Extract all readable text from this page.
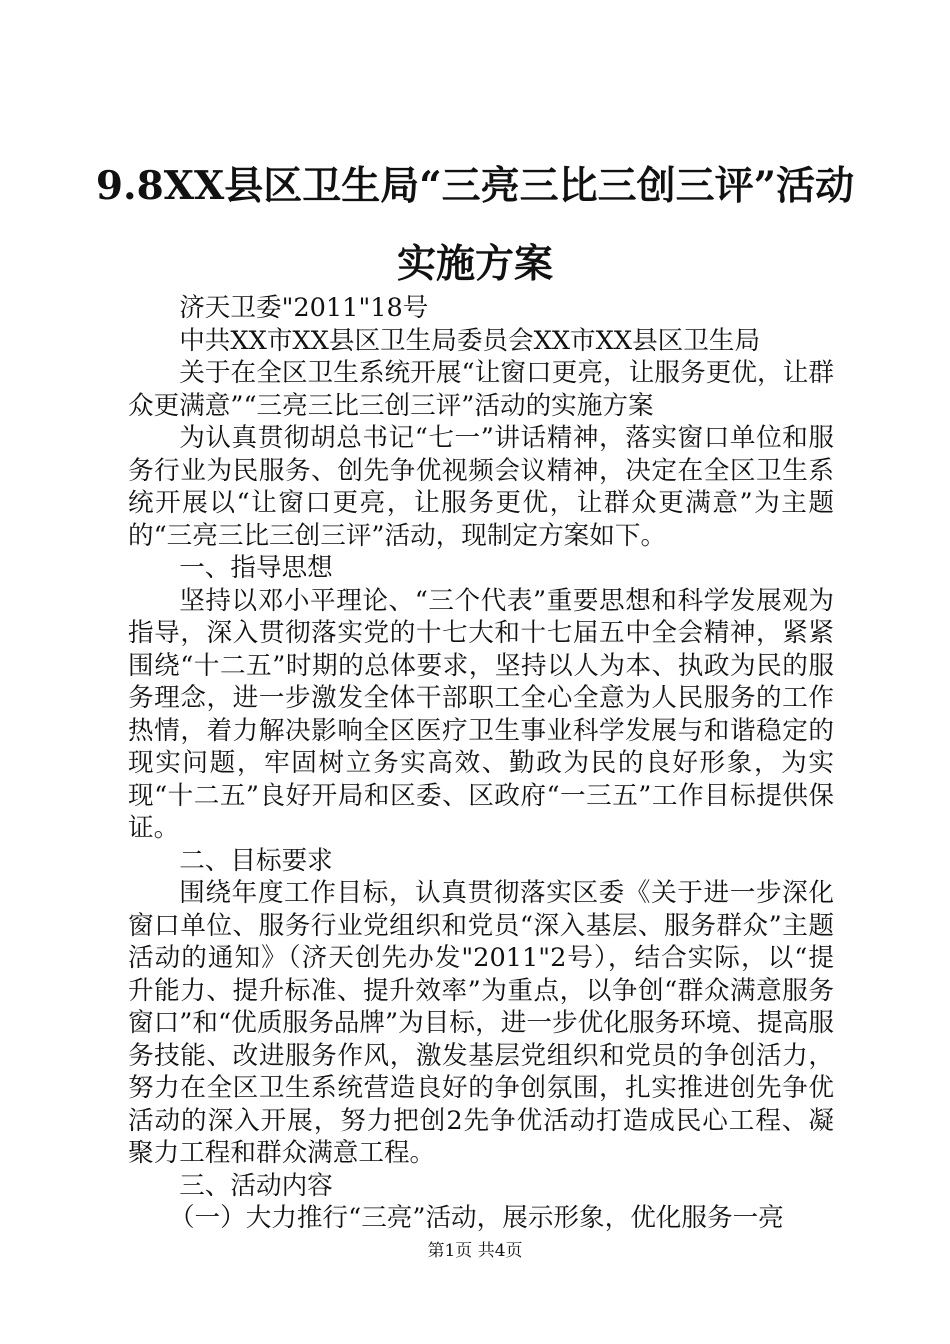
9.8XX县区卫生局“三亮三比三创三评”活动
实施方案

济天卫委"2011"18号

中共XX市XX县区卫生局委员会XX市XX县区卫生局

关于在全区卫生系统开展“让窗口更亮，让服务更优，让群众更满意”“三亮三比三创三评”活动的实施方案

为认真贯彻胡总书记“七一”讲话精神，落实窗口单位和服务行业为民服务、创先争优视频会议精神，决定在全区卫生系统开展以“让窗口更亮，让服务更优，让群众更满意”为主题的“三亮三比三创三评”活动，现制定方案如下。

一、指导思想

坚持以邓小平理论、“三个代表”重要思想和科学发展观为指导，深入贯彻落实党的十七大和十七届五中全会精神，紧紧围绕“十二五”时期的总体要求，坚持以人为本、执政为民的服务理念，进一步激发全体干部职工全心全意为人民服务的工作热情，着力解决影响全区医疗卫生事业科学发展与和谐稳定的现实问题，牢固树立务实高效、勤政为民的良好形象，为实现“十二五”良好开局和区委、区政府“一三五”工作目标提供保证。

二、目标要求

围绕年度工作目标，认真贯彻落实区委《关于进一步深化窗口单位、服务行业党组织和党员“深入基层、服务群众”主题活动的通知》（济天创先办发"2011"2号），结合实际，以“提升能力、提升标准、提升效率”为重点，以争创“群众满意服务窗口”和“优质服务品牌”为目标，进一步优化服务环境、提高服务技能、改进服务作风，激发基层党组织和党员的争创活力，努力在全区卫生系统营造良好的争创氛围，扎实推进创先争优活动的深入开展，努力把创2先争优活动打造成民心工程、凝聚力工程和群众满意工程。

三、活动内容

（一）大力推行“三亮”活动，展示形象，优化服务一亮

第1页 共4页
